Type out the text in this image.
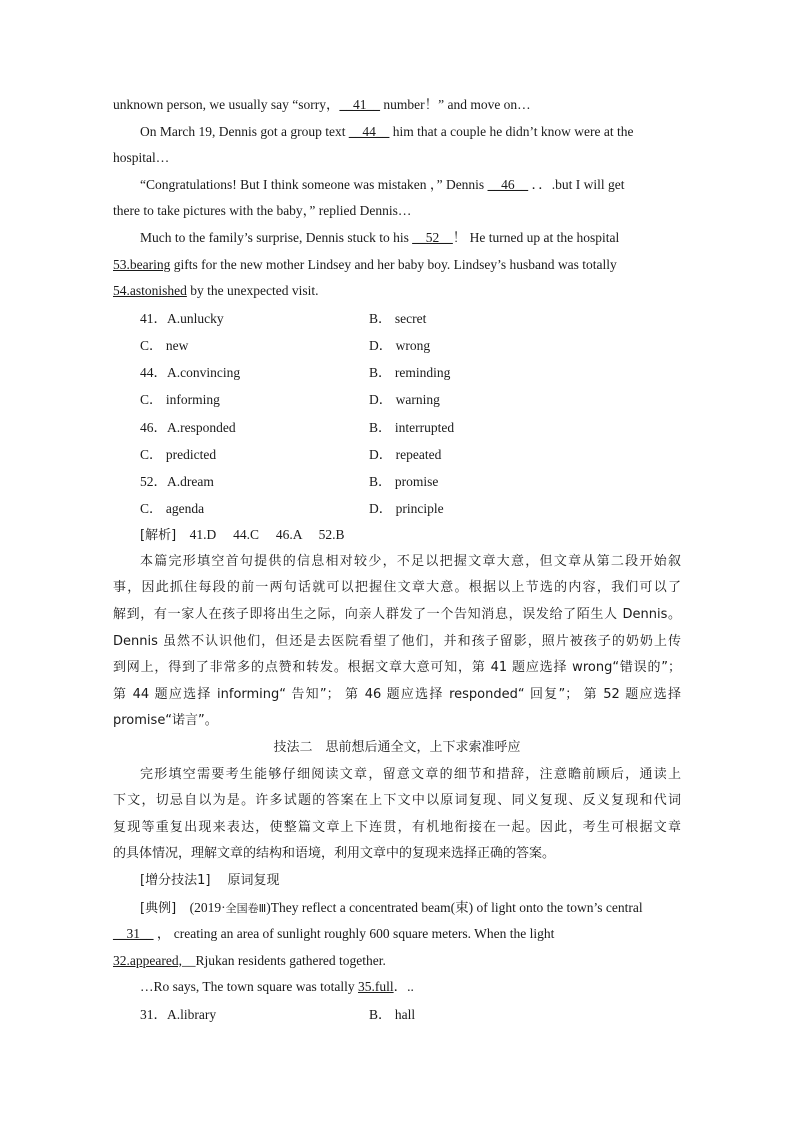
unknown person, we usually say “sorry，__41__ number！” and move on…
On March 19, Dennis got a group text __44__ him that a couple he didn’t know were at the
hospital…
“Congratulations! But I think someone was mistaken ，” Dennis __46__ ．．.but I will get
there to take pictures with the baby，” replied Dennis…
Much to the family’s surprise, Dennis stuck to his __52__！ He turned up at the hospital
53.bearing gifts for the new mother Lindsey and her baby boy. Lindsey’s husband was totally
54.astonished by the unexpected visit.
41．A.unlucky	B． secret
C． new	D． wrong
44．A.convincing	B． reminding
C． informing	D． warning
46．A.responded	B． interrupted
C． predicted	D． repeated
52．A.dream	B． promise
C． agenda	D． principle
[解析]　 41.D　 44.C　 46.A　 52.B
本篇完形填空首句提供的信息相对较少，不足以把握文章大意，但文章从第二段开始叙
事，因此抓住每段的前一两句话就可以把握住文章大意。根据以上节选的内容，我们可以了
解到，有一家人在孩子即将出生之际，向亲人群发了一个告知消息，误发给了陌生人 Dennis。
Dennis 虽然不认识他们，但还是去医院看望了他们，并和孩子留影，照片被孩子的奶奶上传
到网上，得到了非常多的点赞和转发。根据文章大意可知，第 41 题应选择 wrong“错误的”；
第 44 题应选择 informing“ 告知”； 第 46 题应选择 responded“ 回复”； 第 52 题应选择
promise“诺言”。
技法二　思前想后通全文，上下求索准呼应
完形填空需要考生能够仔细阅读文章，留意文章的细节和措辞，注意瞻前顾后，通读上
下文，切忌自以为是。许多试题的答案在上下文中以原词复现、同义复现、反义复现和代词
复现等重复出现来表达，使整篇文章上下连贯，有机地衔接在一起。因此，考生可根据文章
的具体情况，理解文章的结构和语境，利用文章中的复现来选择正确的答案。
[增分技法1]　 原词复现
[典例]　(2019·全国卷Ⅲ)They reflect a concentrated beam(束) of light onto the town’s central
__31__ ， creating an area of sunlight roughly 600 square meters. When the light
32.appeared,__Rjukan residents gathered together.
…Ro says, The town square was totally 35.full．..
31．A.library	B． hall
